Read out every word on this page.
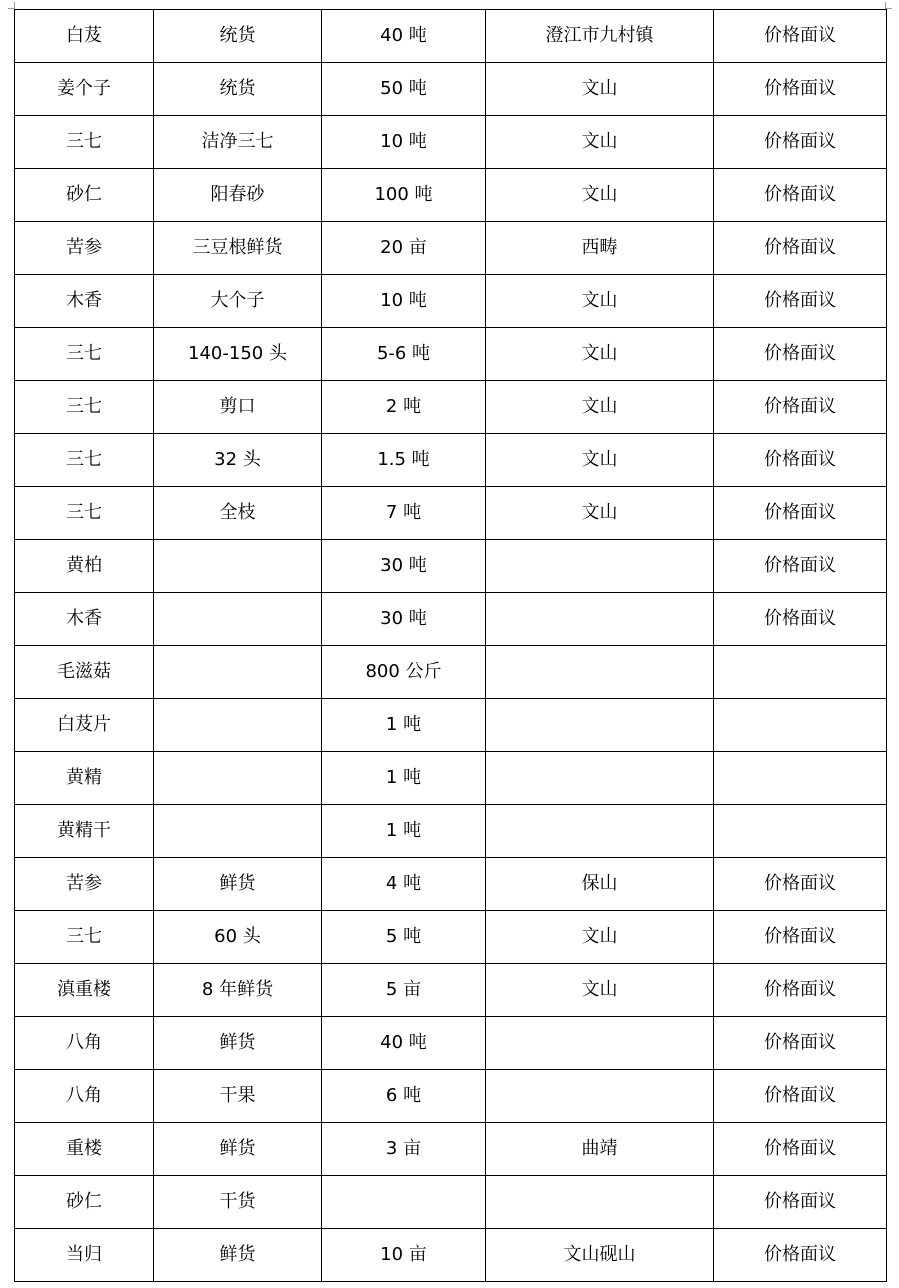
白芨	统货	40 吨	澄江市九村镇	价格面议
姜个子	统货	50 吨	文山	价格面议
三七	洁净三七	10 吨	文山	价格面议
砂仁	阳春砂	100 吨	文山	价格面议
苦参	三豆根鲜货	20 亩	西畴	价格面议
木香	大个子	10 吨	文山	价格面议
三七	140-150 头	5-6 吨	文山	价格面议
三七	剪口	2 吨	文山	价格面议
三七	32 头	1.5 吨	文山	价格面议
三七	全枝	7 吨	文山	价格面议
黄柏		30 吨		价格面议
木香		30 吨		价格面议
毛滋菇		800 公斤		
白芨片		1 吨		
黄精		1 吨		
黄精干		1 吨		
苦参	鲜货	4 吨	保山	价格面议
三七	60 头	5 吨	文山	价格面议
滇重楼	8 年鲜货	5 亩	文山	价格面议
八角	鲜货	40 吨		价格面议
八角	干果	6 吨		价格面议
重楼	鲜货	3 亩	曲靖	价格面议
砂仁	干货			价格面议
当归	鲜货	10 亩	文山砚山	价格面议
